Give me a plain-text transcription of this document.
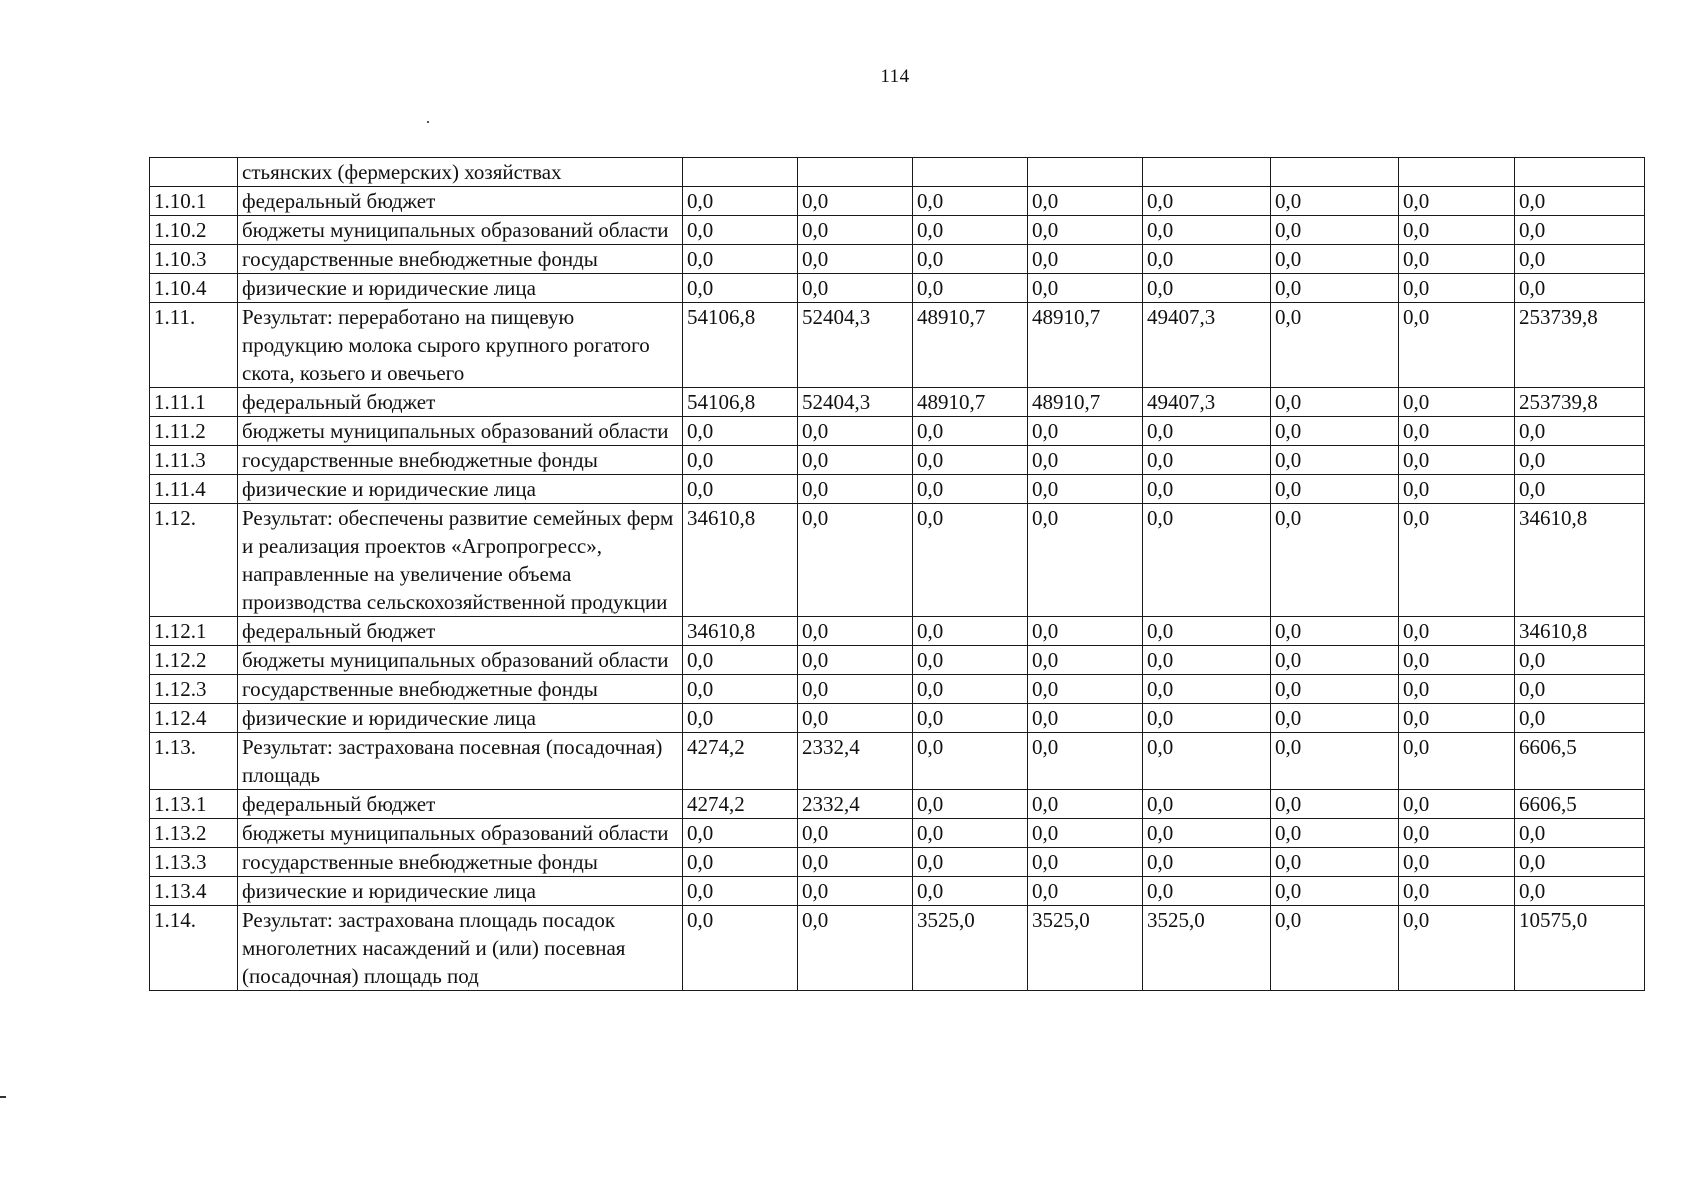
114
	стьянских (фермерских) хозяйствах								
1.10.1	федеральный бюджет	0,0	0,0	0,0	0,0	0,0	0,0	0,0	0,0
1.10.2	бюджеты муниципальных образований области	0,0	0,0	0,0	0,0	0,0	0,0	0,0	0,0
1.10.3	государственные внебюджетные фонды	0,0	0,0	0,0	0,0	0,0	0,0	0,0	0,0
1.10.4	физические и юридические лица	0,0	0,0	0,0	0,0	0,0	0,0	0,0	0,0
1.11.	Результат: переработано на пищевую продукцию молока сырого крупного рогатого скота, козьего и овечьего	54106,8	52404,3	48910,7	48910,7	49407,3	0,0	0,0	253739,8
1.11.1	федеральный бюджет	54106,8	52404,3	48910,7	48910,7	49407,3	0,0	0,0	253739,8
1.11.2	бюджеты муниципальных образований области	0,0	0,0	0,0	0,0	0,0	0,0	0,0	0,0
1.11.3	государственные внебюджетные фонды	0,0	0,0	0,0	0,0	0,0	0,0	0,0	0,0
1.11.4	физические и юридические лица	0,0	0,0	0,0	0,0	0,0	0,0	0,0	0,0
1.12.	Результат: обеспечены развитие семейных ферм и реализация проектов «Агропрогресс», направленные на увеличение объема производства сельскохозяйственной продукции	34610,8	0,0	0,0	0,0	0,0	0,0	0,0	34610,8
1.12.1	федеральный бюджет	34610,8	0,0	0,0	0,0	0,0	0,0	0,0	34610,8
1.12.2	бюджеты муниципальных образований области	0,0	0,0	0,0	0,0	0,0	0,0	0,0	0,0
1.12.3	государственные внебюджетные фонды	0,0	0,0	0,0	0,0	0,0	0,0	0,0	0,0
1.12.4	физические и юридические лица	0,0	0,0	0,0	0,0	0,0	0,0	0,0	0,0
1.13.	Результат: застрахована посевная (посадочная) площадь	4274,2	2332,4	0,0	0,0	0,0	0,0	0,0	6606,5
1.13.1	федеральный бюджет	4274,2	2332,4	0,0	0,0	0,0	0,0	0,0	6606,5
1.13.2	бюджеты муниципальных образований области	0,0	0,0	0,0	0,0	0,0	0,0	0,0	0,0
1.13.3	государственные внебюджетные фонды	0,0	0,0	0,0	0,0	0,0	0,0	0,0	0,0
1.13.4	физические и юридические лица	0,0	0,0	0,0	0,0	0,0	0,0	0,0	0,0
1.14.	Результат: застрахована площадь посадок многолетних насаждений и (или) посевная (посадочная) площадь под	0,0	0,0	3525,0	3525,0	3525,0	0,0	0,0	10575,0
